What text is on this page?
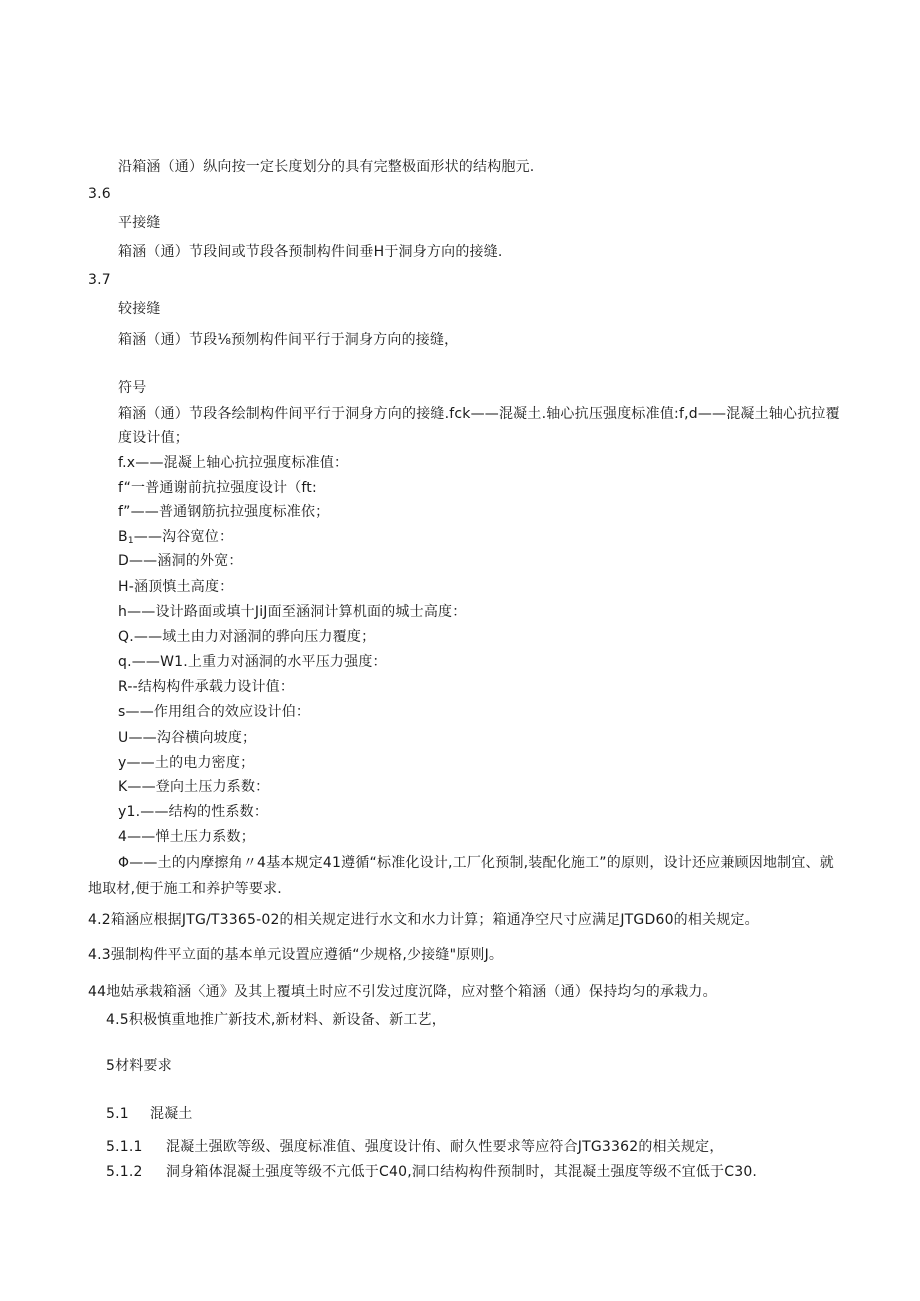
沿箱涵（通）纵向按一定长度划分的具有完整极面形状的结构胞元.
3.6
平接缝
箱涵（通）节段间或节段各预制构件间垂H于洞身方向的接缝.
3.7
较接缝
箱涵（通）节段⅛预刎构件间平行于洞身方向的接缝，
符号
箱涵（通）节段各绘制构件间平行于洞身方向的接缝.fck——混凝土.轴心抗压强度标准值:f,d——混凝土轴心抗拉覆度设计值；
f.x——混凝上轴心抗拉强度标准值：
f“一普通谢前抗拉强度设计（ft:
f”——普通钢筋抗拉强度标准依；
$B_1——$沟谷宽位：
D——涵洞的外宽：
H-涵顶慎土高度：
h——设计路面或填十JiJ面至涵洞计算机面的城士高度：
Q.——域土由力对涵洞的骅向压力覆度；
q.——W1.上重力对涵洞的水平压力强度：
R--结构构件承载力设计值：
s——作用组合的效应设计伯：
U——沟谷横向坡度；
y——土的电力密度；
K——登向土压力系数：
y1.——结构的性系数：
4——惮土压力系数；
Φ——土的内摩擦角〃4基本规定41遵循“标准化设计,工厂化预制,装配化施工”的原则，设计还应兼顾因地制宜、就地取材,便于施工和养护等要求.
4.2箱涵应根据JTG/T3365-02的相关规定进行水文和水力计算；箱通净空尺寸应满足JTGD60的相关规定。
4.3强制构件平立面的基本单元设置应遵循“少规格,少接缝"原则J。
44地姑承栽箱涵〈通》及其上覆填土时应不引发过度沉降，应对整个箱涵（通）保持均匀的承栽力。
4.5积极慎重地推广新技术,新材料、新设备、新工艺，
5材料要求
5.1 混凝土
5.1.1 混凝土强欧等级、强度标准值、强度设计侑、耐久性要求等应符合JTG3362的相关规定，
5.1.2 洞身箱体混凝土强度等级不亢低于C40,洞口结构构件预制时，其混凝土强度等级不宜低于C30.
